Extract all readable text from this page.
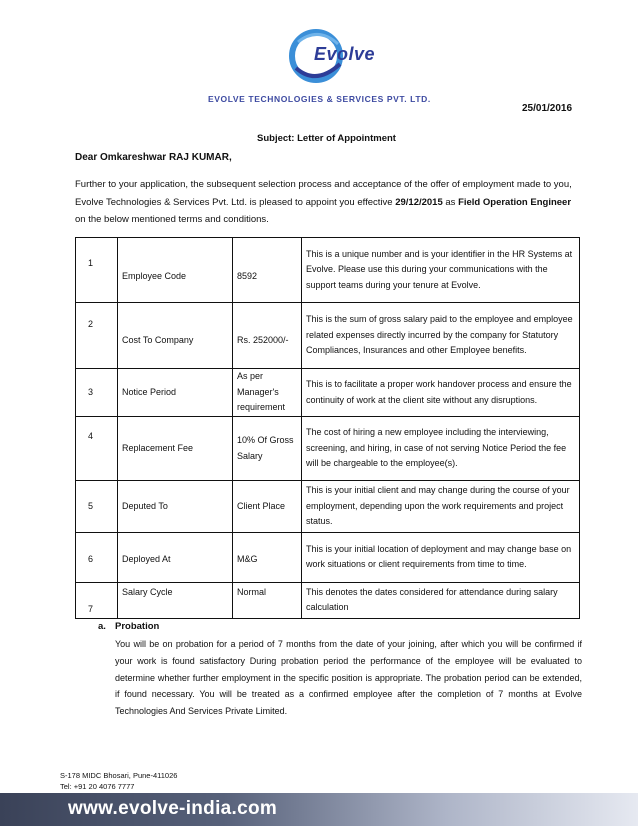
Evolve
EVOLVE TECHNOLOGIES & SERVICES PVT. LTD.
25/01/2016
Subject: Letter of Appointment
Dear Omkareshwar RAJ KUMAR,
Further to your application, the subsequent selection process and acceptance of the offer of employment made to you, Evolve Technologies & Services Pvt. Ltd. is pleased to appoint you effective 29/12/2015 as Field Operation Engineer on the below mentioned terms and conditions.
1	Employee Code	8592	This is a unique number and is your identifier in the HR Systems at Evolve. Please use this during your communications with the support teams during your tenure at Evolve.
2	Cost To Company	Rs. 252000/-	This is the sum of gross salary paid to the employee and employee related expenses directly incurred by the company for Statutory Compliances, Insurances and other Employee benefits.
3	Notice Period	As per Manager's requirement	This is to facilitate a proper work handover process and ensure the continuity of work at the client site without any disruptions.
4	Replacement Fee	10% Of Gross Salary	The cost of hiring a new employee including the interviewing, screening, and hiring, in case of not serving Notice Period the fee will be chargeable to the employee(s).
5	Deputed To	Client Place	This is your initial client and may change during the course of your employment, depending upon the work requirements and project status.
6	Deployed At	M&G	This is your initial location of deployment and may change base on work situations or client requirements from time to time.
7	Salary Cycle	Normal	This denotes the dates considered for attendance during salary calculation
a. Probation
You will be on probation for a period of 7 months from the date of your joining, after which you will be confirmed if your work is found satisfactory During probation period the performance of the employee will be evaluated to determine whether further employment in the specific position is appropriate. The probation period can be extended, if found necessary. You will be treated as a confirmed employee after the completion of 7 months at Evolve Technologies And Services Private Limited.
S-178 MIDC Bhosari, Pune-411026
Tel: +91 20 4076 7777
www.evolve-india.com
